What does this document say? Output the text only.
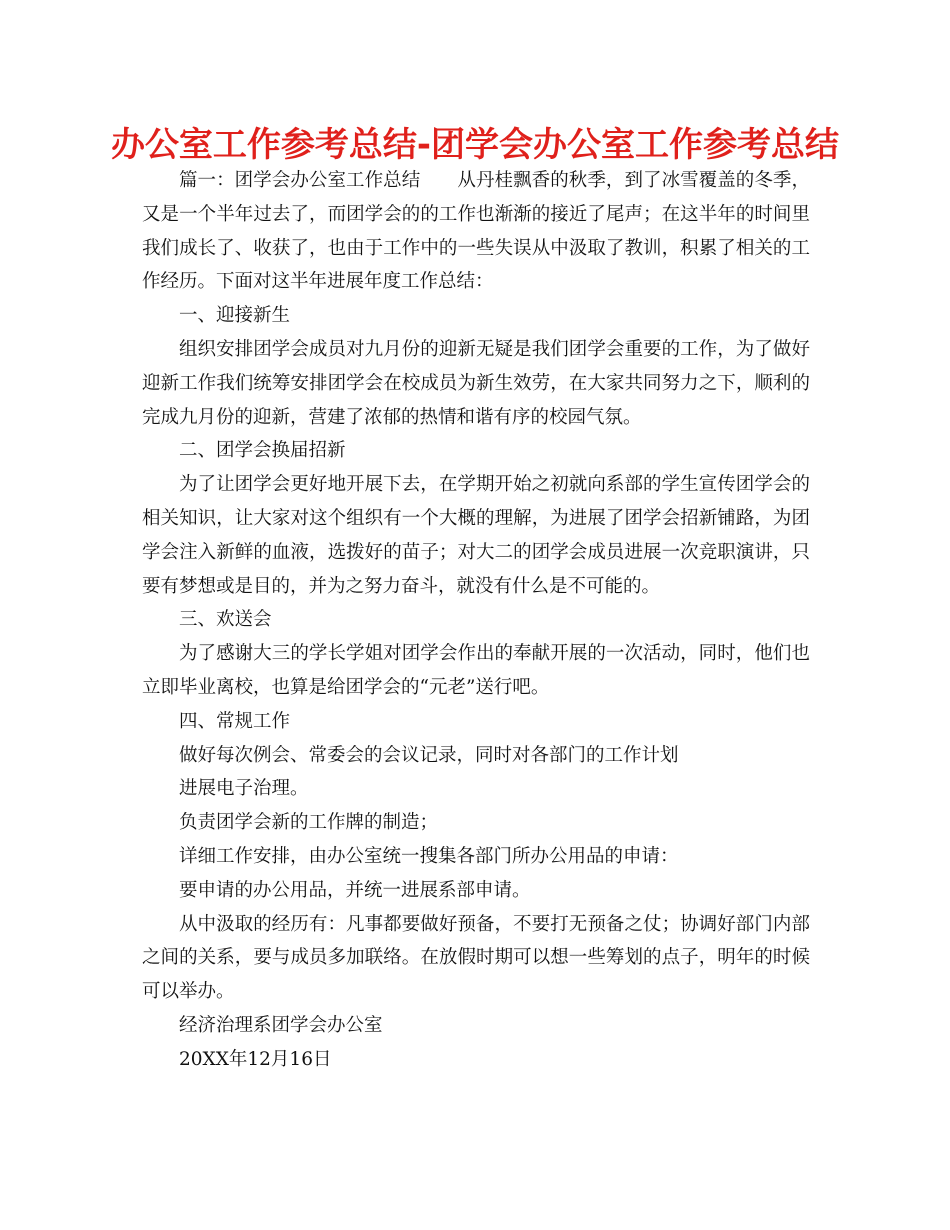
办公室工作参考总结-团学会办公室工作参考总结

篇一：团学会办公室工作总结　　从丹桂飘香的秋季，到了冰雪覆盖的冬季，又是一个半年过去了，而团学会的的工作也渐渐的接近了尾声；在这半年的时间里我们成长了、收获了，也由于工作中的一些失误从中汲取了教训，积累了相关的工作经历。下面对这半年进展年度工作总结：

一、迎接新生

组织安排团学会成员对九月份的迎新无疑是我们团学会重要的工作，为了做好迎新工作我们统筹安排团学会在校成员为新生效劳，在大家共同努力之下，顺利的完成九月份的迎新，营建了浓郁的热情和谐有序的校园气氛。

二、团学会换届招新

为了让团学会更好地开展下去，在学期开始之初就向系部的学生宣传团学会的相关知识，让大家对这个组织有一个大概的理解，为进展了团学会招新铺路，为团学会注入新鲜的血液，选拨好的苗子；对大二的团学会成员进展一次竞职演讲，只要有梦想或是目的，并为之努力奋斗，就没有什么是不可能的。

三、欢送会

为了感谢大三的学长学姐对团学会作出的奉献开展的一次活动，同时，他们也立即毕业离校，也算是给团学会的“元老”送行吧。

四、常规工作

做好每次例会、常委会的会议记录，同时对各部门的工作计划

进展电子治理。

负责团学会新的工作牌的制造；

详细工作安排，由办公室统一搜集各部门所办公用品的申请：

要申请的办公用品，并统一进展系部申请。

从中汲取的经历有：凡事都要做好预备，不要打无预备之仗；协调好部门内部之间的关系，要与成员多加联络。在放假时期可以想一些筹划的点子，明年的时候可以举办。

经济治理系团学会办公室

20XX年12月16日
